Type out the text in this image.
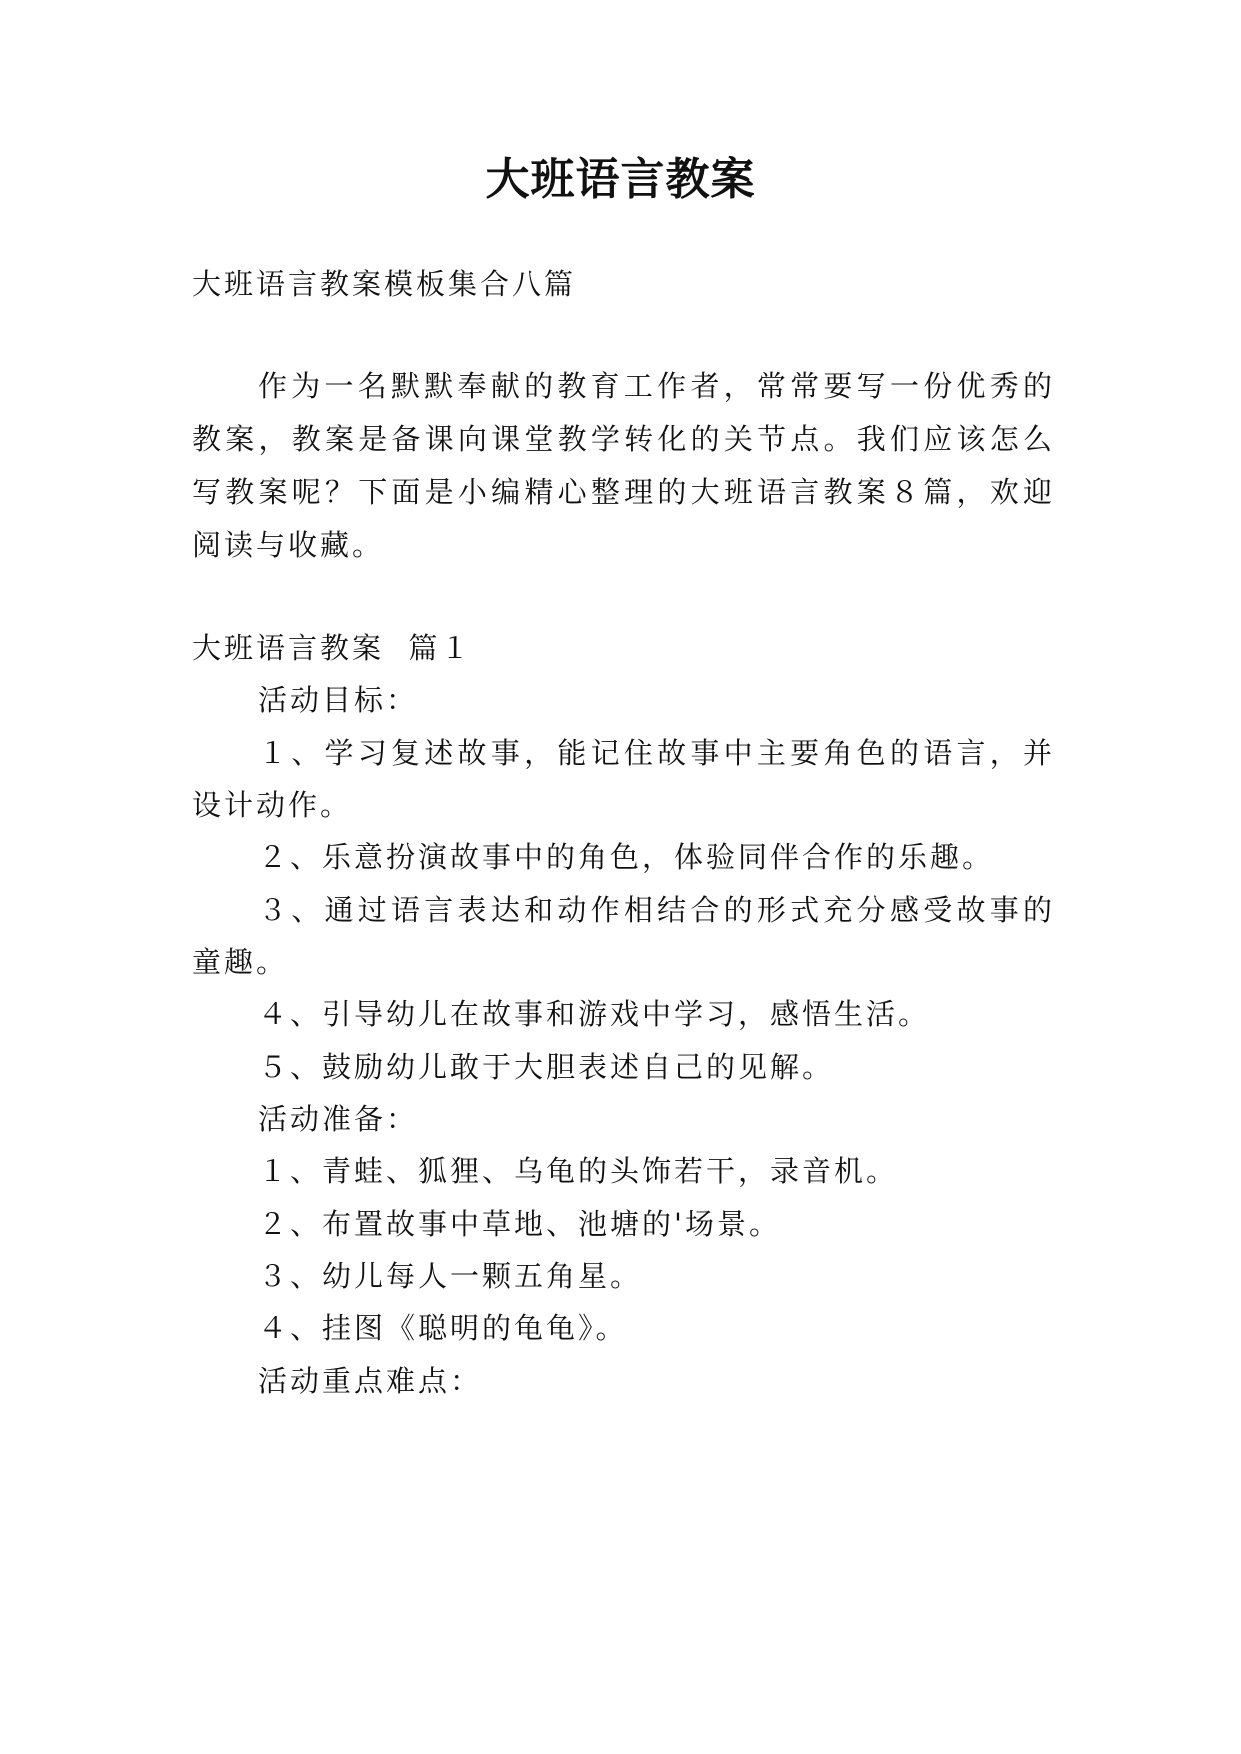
大班语言教案

大班语言教案模板集合八篇

作为一名默默奉献的教育工作者，常常要写一份优秀的

教案，教案是备课向课堂教学转化的关节点。我们应该怎么

写教案呢？下面是小编精心整理的大班语言教案８篇，欢迎

阅读与收藏。

大班语言教案  篇１

活动目标：

１、学习复述故事，能记住故事中主要角色的语言，并

设计动作。

２、乐意扮演故事中的角色，体验同伴合作的乐趣。

３、通过语言表达和动作相结合的形式充分感受故事的

童趣。

４、引导幼儿在故事和游戏中学习，感悟生活。

５、鼓励幼儿敢于大胆表述自己的见解。

活动准备：

１、青蛙、狐狸、乌龟的头饰若干，录音机。

２、布置故事中草地、池塘的'场景。

３、幼儿每人一颗五角星。

４、挂图《聪明的龟龟》。

活动重点难点：
